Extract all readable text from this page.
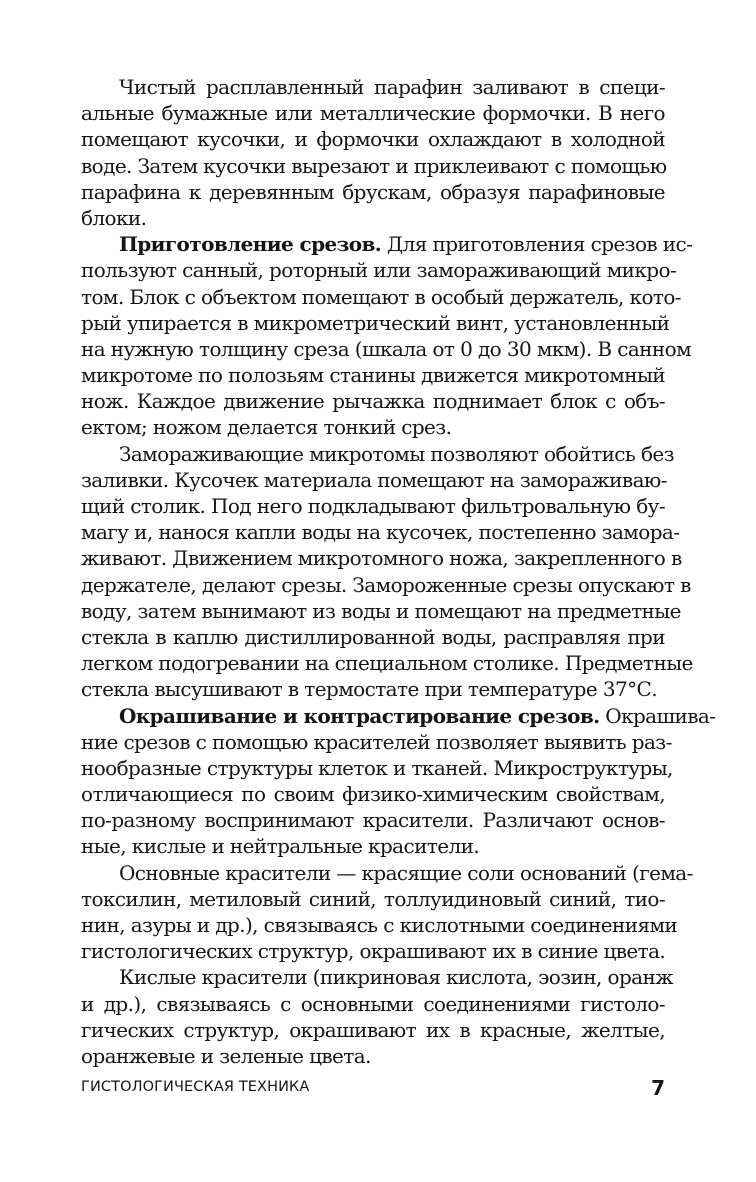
Чистый расплавленный парафин заливают в специ-
альные бумажные или металлические формочки. В него
помещают кусочки, и формочки охлаждают в холодной
воде. Затем кусочки вырезают и приклеивают с помощью
парафина к деревянным брускам, образуя парафиновые
блоки.
Приготовление срезов. Для приготовления срезов ис-
пользуют санный, роторный или замораживающий микро-
том. Блок с объектом помещают в особый держатель, кото-
рый упирается в микрометрический винт, установленный
на нужную толщину среза (шкала от 0 до 30 мкм). В санном
микротоме по полозьям станины движется микротомный
нож. Каждое движение рычажка поднимает блок с объ-
ектом; ножом делается тонкий срез.
Замораживающие микротомы позволяют обойтись без
заливки. Кусочек материала помещают на замораживаю-
щий столик. Под него подкладывают фильтровальную бу-
магу и, нанося капли воды на кусочек, постепенно замора-
живают. Движением микротомного ножа, закрепленного в
держателе, делают срезы. Замороженные срезы опускают в
воду, затем вынимают из воды и помещают на предметные
стекла в каплю дистиллированной воды, расправляя при
легком подогревании на специальном столике. Предметные
стекла высушивают в термостате при температуре 37°С.
Окрашивание и контрастирование срезов. Окрашива-
ние срезов с помощью красителей позволяет выявить раз-
нообразные структуры клеток и тканей. Микроструктуры,
отличающиеся по своим физико-химическим свойствам,
по-разному воспринимают красители. Различают основ-
ные, кислые и нейтральные красители.
Основные красители — красящие соли оснований (гема-
токсилин, метиловый синий, толлуидиновый синий, тио-
нин, азуры и др.), связываясь с кислотными соединениями
гистологических структур, окрашивают их в синие цвета.
Кислые красители (пикриновая кислота, эозин, оранж
и др.), связываясь с основными соединениями гистоло-
гических структур, окрашивают их в красные, желтые,
оранжевые и зеленые цвета.
ГИСТОЛОГИЧЕСКАЯ ТЕХНИКА	7
